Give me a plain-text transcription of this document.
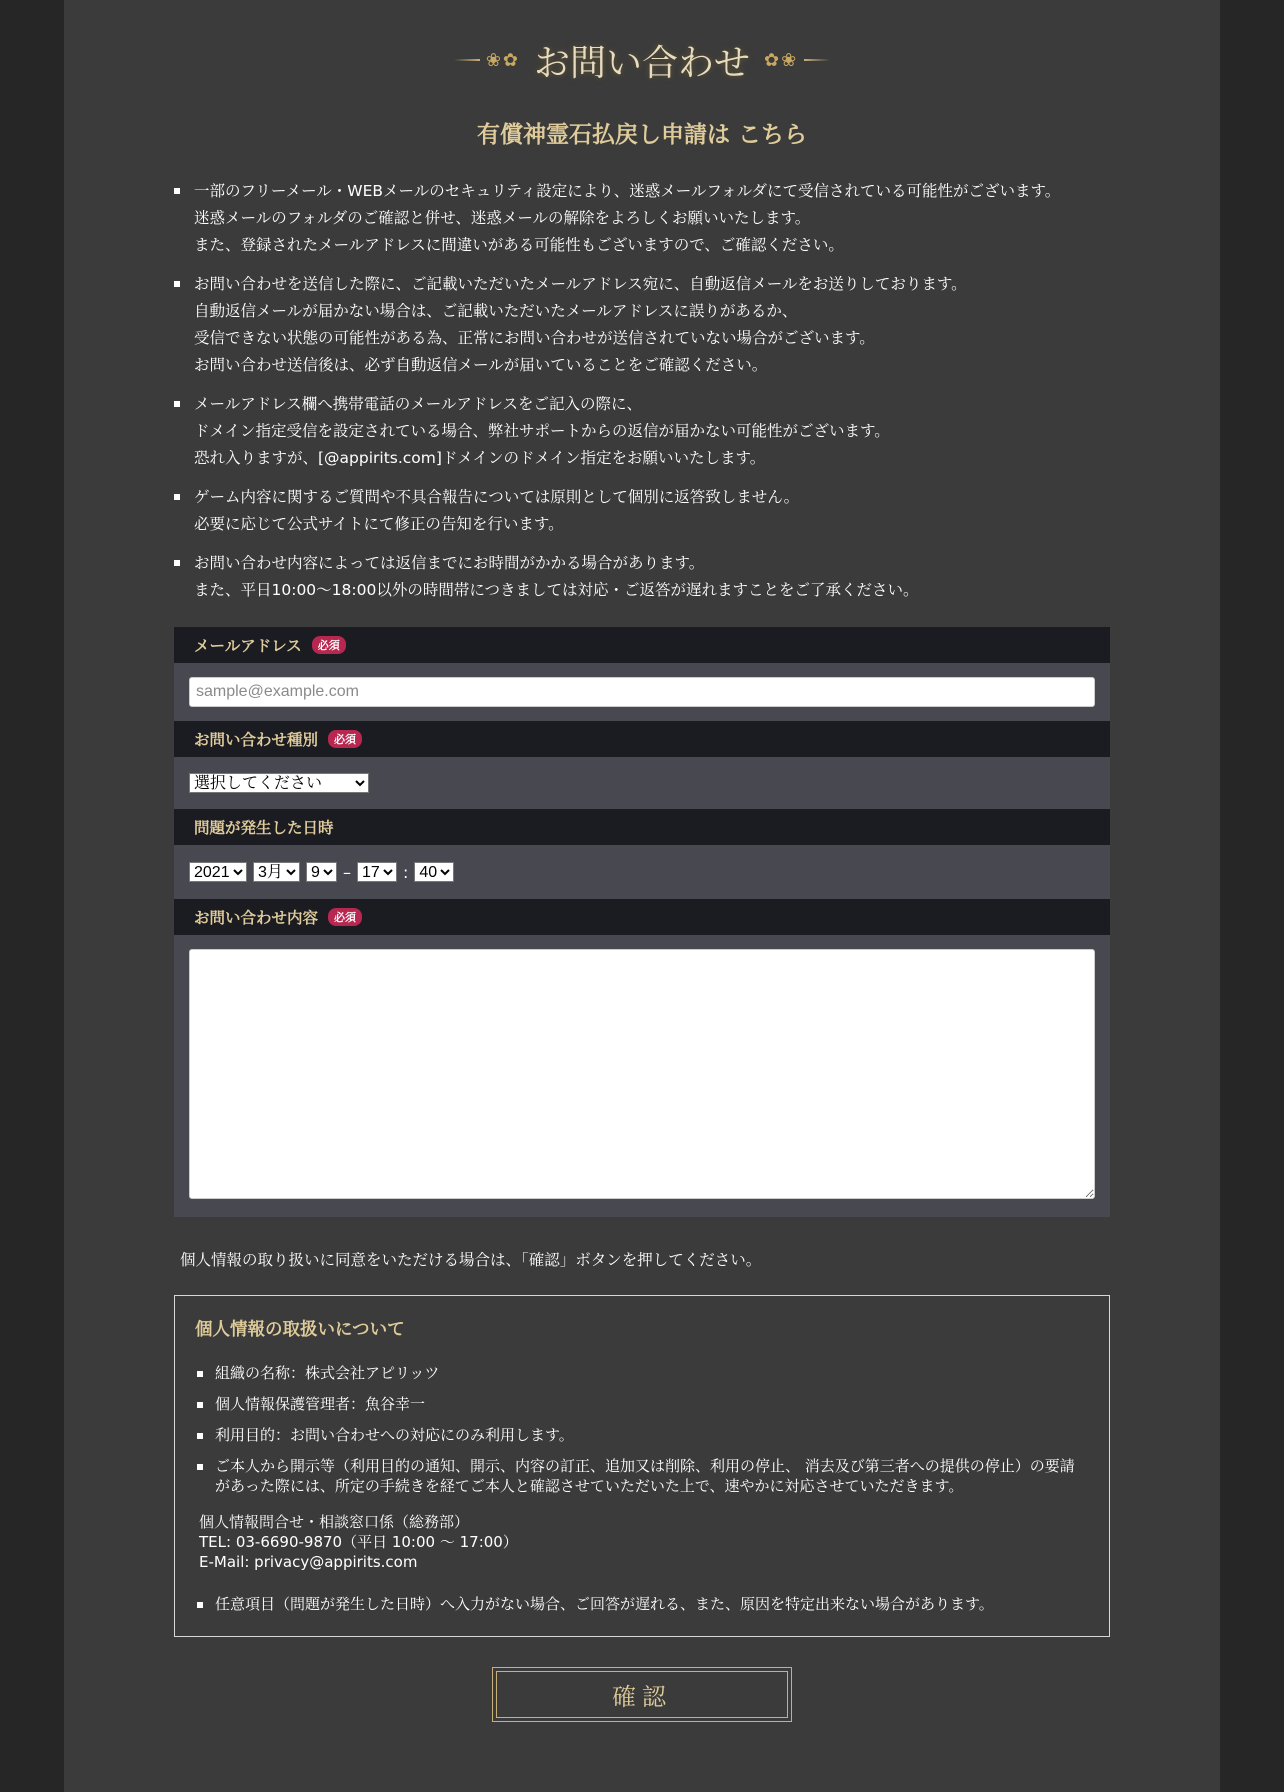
❀✿ お問い合わせ ✿❀
有償神霊石払戻し申請は こちら
一部のフリーメール・WEBメールのセキュリティ設定により、迷惑メールフォルダにて受信されている可能性がございます。
迷惑メールのフォルダのご確認と併せ、迷惑メールの解除をよろしくお願いいたします。
また、登録されたメールアドレスに間違いがある可能性もございますので、ご確認ください。
お問い合わせを送信した際に、ご記載いただいたメールアドレス宛に、自動返信メールをお送りしております。
自動返信メールが届かない場合は、ご記載いただいたメールアドレスに誤りがあるか、
受信できない状態の可能性がある為、正常にお問い合わせが送信されていない場合がございます。
お問い合わせ送信後は、必ず自動返信メールが届いていることをご確認ください。
メールアドレス欄へ携帯電話のメールアドレスをご記入の際に、
ドメイン指定受信を設定されている場合、弊社サポートからの返信が届かない可能性がございます。
恐れ入りますが、[@appirits.com]ドメインのドメイン指定をお願いいたします。
ゲーム内容に関するご質問や不具合報告については原則として個別に返答致しません。
必要に応じて公式サイトにて修正の告知を行います。
お問い合わせ内容によっては返信までにお時間がかかる場合があります。
また、平日10:00～18:00以外の時間帯につきましては対応・ご返答が遅れますことをご了承ください。
メールアドレス	必須
sample@example.com
お問い合わせ種別	必須
選択してください
問題が発生した日時
2021
3月
9
–
17	:
40
お問い合わせ内容	必須
個人情報の取り扱いに同意をいただける場合は、「確認」ボタンを押してください。
個人情報の取扱いについて
組織の名称：株式会社アピリッツ
個人情報保護管理者：魚谷幸一
利用目的：お問い合わせへの対応にのみ利用します。
ご本人から開示等（利用目的の通知、開示、内容の訂正、追加又は削除、利用の停止、 消去及び第三者への提供の停止）の要請があった際には、所定の手続きを経てご本人と確認させていただいた上で、速やかに対応させていただきます。
個人情報問合せ・相談窓口係（総務部）
TEL: 03-6690-9870（平日 10:00 ～ 17:00）
E-Mail: privacy@appirits.com
任意項目（問題が発生した日時）へ入力がない場合、ご回答が遅れる、また、原因を特定出来ない場合があります。
確認
